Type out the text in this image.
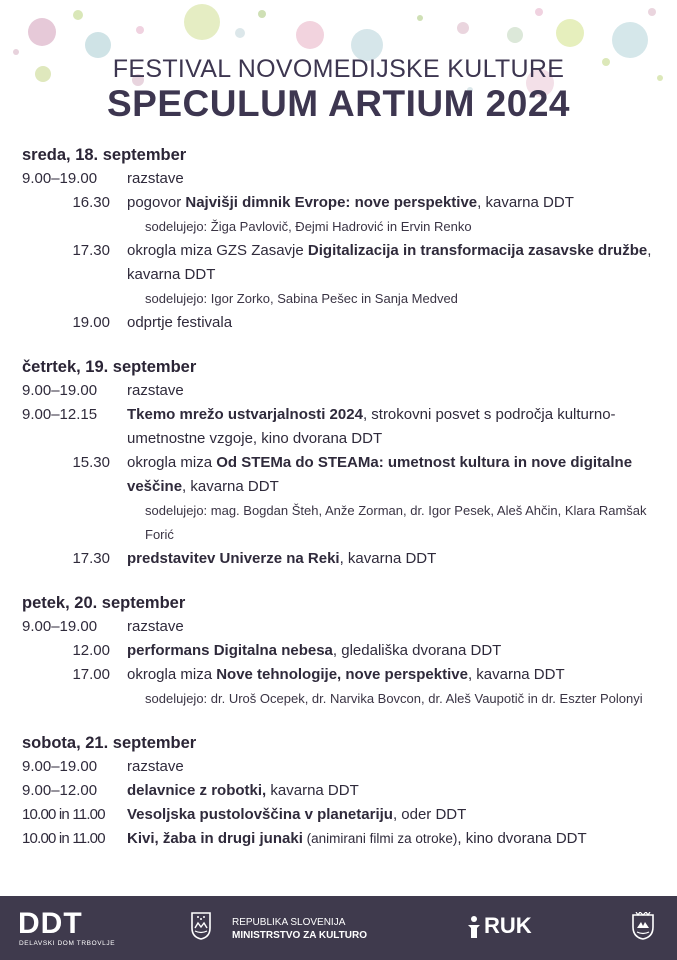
FESTIVAL NOVOMEDIJSKE KULTURE
SPECULUM ARTIUM 2024
sreda, 18. september
9.00–19.00	razstave
16.30 pogovor Najvišji dimnik Evrope: nove perspektive, kavarna DDT
sodelujejo: Žiga Pavlovič, Đejmi Hadrović in Ervin Renko
17.30 okrogla miza GZS Zasavje Digitalizacija in transformacija zasavske družbe, kavarna DDT
sodelujejo: Igor Zorko, Sabina Pešec in Sanja Medved
19.00 odprtje festivala
četrtek, 19. september
9.00–19.00	razstave
9.00–12.15	Tkemo mrežo ustvarjalnosti 2024, strokovni posvet s področja kulturno-umetnostne vzgoje, kino dvorana DDT
15.30 okrogla miza Od STEMa do STEAMa: umetnost kultura in nove digitalne veščine, kavarna DDT
sodelujejo: mag. Bogdan Šteh, Anže Zorman, dr. Igor Pesek, Aleš Ahčin, Klara Ramšak Forić
17.30 predstavitev Univerze na Reki, kavarna DDT
petek, 20. september
9.00–19.00	razstave
12.00 performans Digitalna nebesa, gledališka dvorana DDT
17.00 okrogla miza Nove tehnologije, nove perspektive, kavarna DDT
sodelujejo: dr. Uroš Ocepek, dr. Narvika Bovcon, dr. Aleš Vaupotič in dr. Eszter Polonyi
sobota, 21. september
9.00–19.00	razstave
9.00–12.00	delavnice z robotki, kavarna DDT
10.00 in 11.00	Vesoljska pustolovščina v planetariju, oder DDT
10.00 in 11.00	Kivi, žaba in drugi junaki (animirani filmi za otroke), kino dvorana DDT
DDT
DELAVSKI DOM TRBOVLJE
REPUBLIKA SLOVENIJA
MINISTRSTVO ZA KULTURO	RUK
